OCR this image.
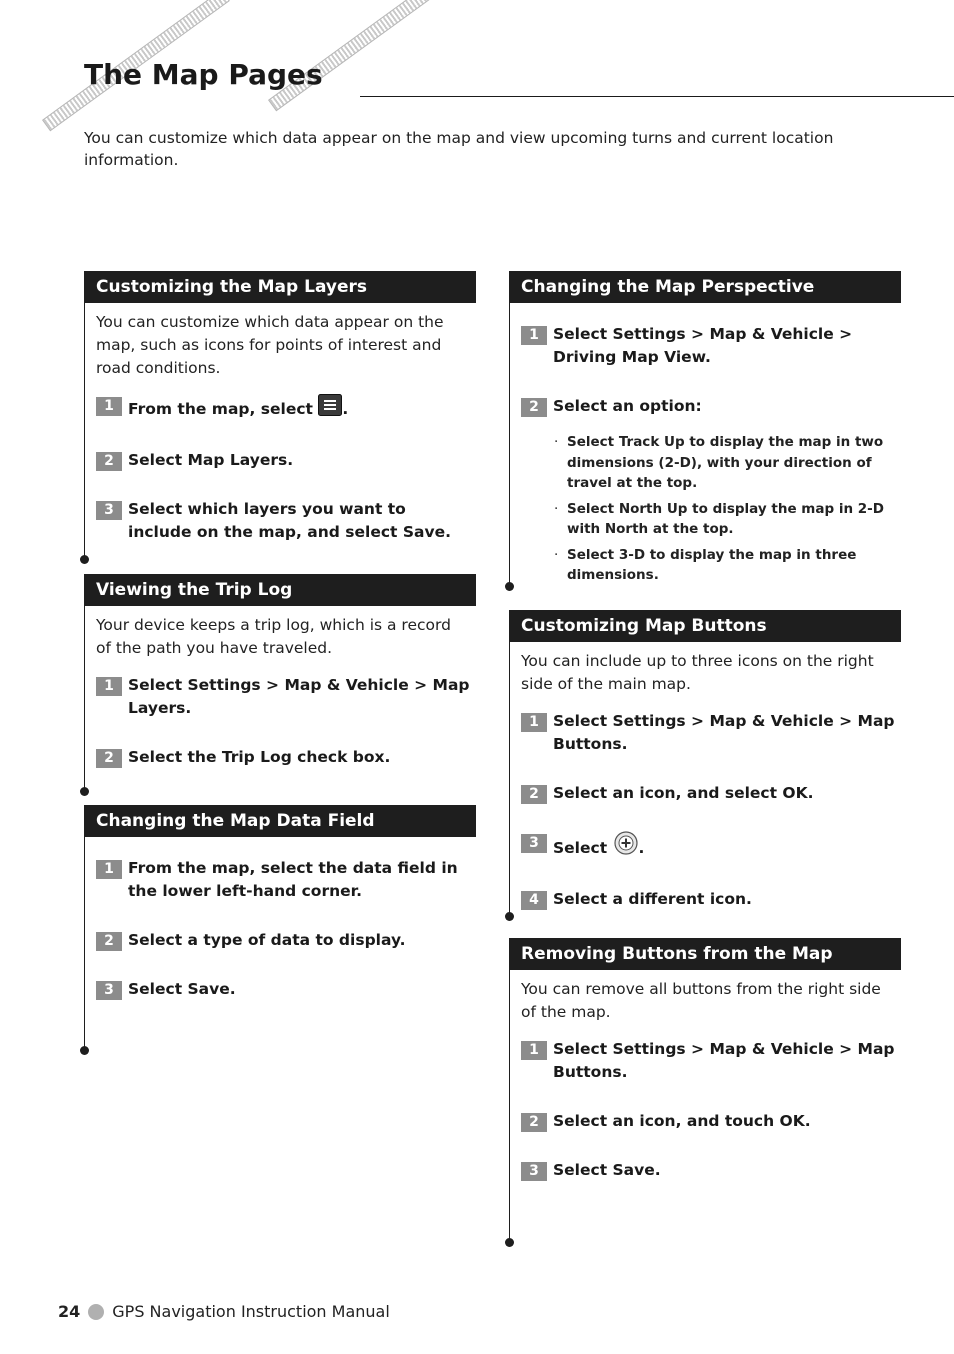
The Map Pages

You can customize which data appear on the map and view upcoming turns and current location information.

Customizing the Map Layers

You can customize which data appear on the map, such as icons for points of interest and road conditions.

1 From the map, select .
2 Select Map Layers.
3 Select which layers you want to include on the map, and select Save.
Viewing the Trip Log

Your device keeps a trip log, which is a record of the path you have traveled.

1 Select Settings > Map & Vehicle > Map Layers.
2 Select the Trip Log check box.
Changing the Map Data Field
1 From the map, select the data field in the lower left-hand corner.
2 Select a type of data to display.
3 Select Save.
Changing the Map Perspective
1 Select Settings > Map & Vehicle > Driving Map View.
2 Select an option:
· Select Track Up to display the map in two dimensions (2-D), with your direction of travel at the top.
· Select North Up to display the map in 2-D with North at the top.
· Select 3-D to display the map in three dimensions.
Customizing Map Buttons

You can include up to three icons on the right side of the main map.

1 Select Settings > Map & Vehicle > Map Buttons.
2 Select an icon, and select OK.
3 Select .
4 Select a different icon.
Removing Buttons from the Map

You can remove all buttons from the right side of the map.

1 Select Settings > Map & Vehicle > Map Buttons.
2 Select an icon, and touch OK.
3 Select Save.
24 GPS Navigation Instruction Manual
